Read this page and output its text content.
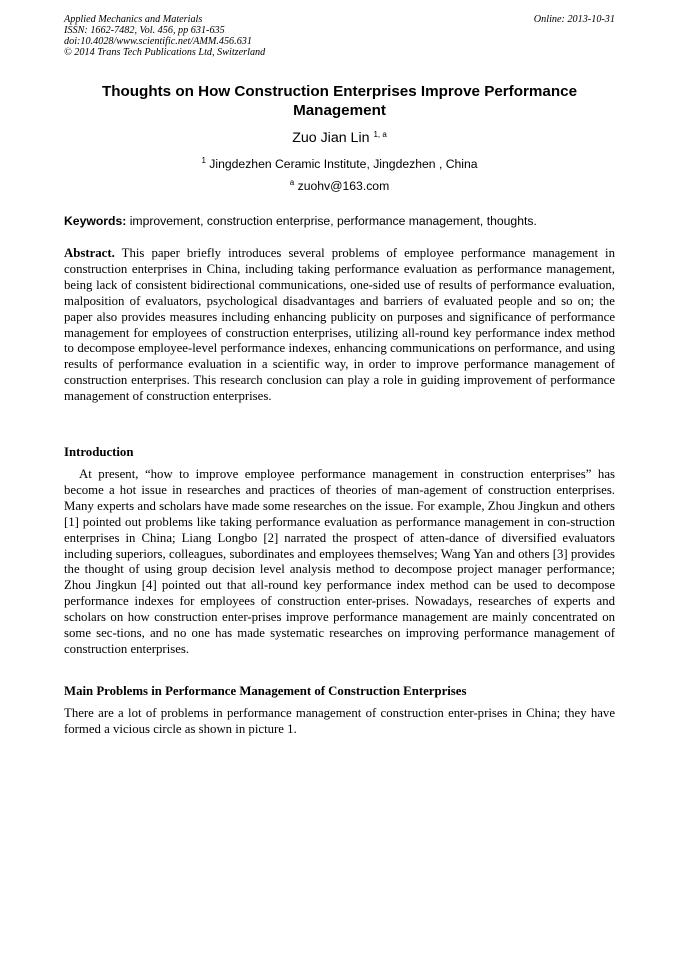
Applied Mechanics and Materials
ISSN: 1662-7482, Vol. 456, pp 631-635
doi:10.4028/www.scientific.net/AMM.456.631
© 2014 Trans Tech Publications Ltd, Switzerland
Online: 2013-10-31
Thoughts on How Construction Enterprises Improve Performance Management
Zuo Jian Lin $^{1, a}$
$^1$ Jingdezhen Ceramic Institute, Jingdezhen , China
$^a$ zuohv@163.com
Keywords: improvement, construction enterprise, performance management, thoughts.
Abstract. This paper briefly introduces several problems of employee performance management in construction enterprises in China, including taking performance evaluation as performance management, being lack of consistent bidirectional communications, one-sided use of results of performance evaluation, malposition of evaluators, psychological disadvantages and barriers of evaluated people and so on; the paper also provides measures including enhancing publicity on purposes and significance of performance management for employees of construction enterprises, utilizing all-round key performance index method to decompose employee-level performance indexes, enhancing communications on performance, and using results of performance evaluation in a scientific way, in order to improve performance management of construction enterprises. This research conclusion can play a role in guiding improvement of performance management of construction enterprises.
Introduction
At present, “how to improve employee performance management in construction enterprises” has become a hot issue in researches and practices of theories of man-agement of construction enterprises. Many experts and scholars have made some researches on the issue. For example, Zhou Jingkun and others [1] pointed out problems like taking performance evaluation as performance management in con-struction enterprises in China; Liang Longbo [2] narrated the prospect of atten-dance of diversified evaluators including superiors, colleagues, subordinates and employees themselves; Wang Yan and others [3] provides the thought of using group decision level analysis method to decompose project manager performance; Zhou Jingkun [4] pointed out that all-round key performance index method can be used to decompose performance indexes for employees of construction enter-prises. Nowadays, researches of experts and scholars on how construction enter-prises improve performance management are mainly concentrated on some sec-tions, and no one has made systematic researches on improving performance management of construction enterprises.
Main Problems in Performance Management of Construction Enterprises
There are a lot of problems in performance management of construction enter-prises in China; they have formed a vicious circle as shown in picture 1.
